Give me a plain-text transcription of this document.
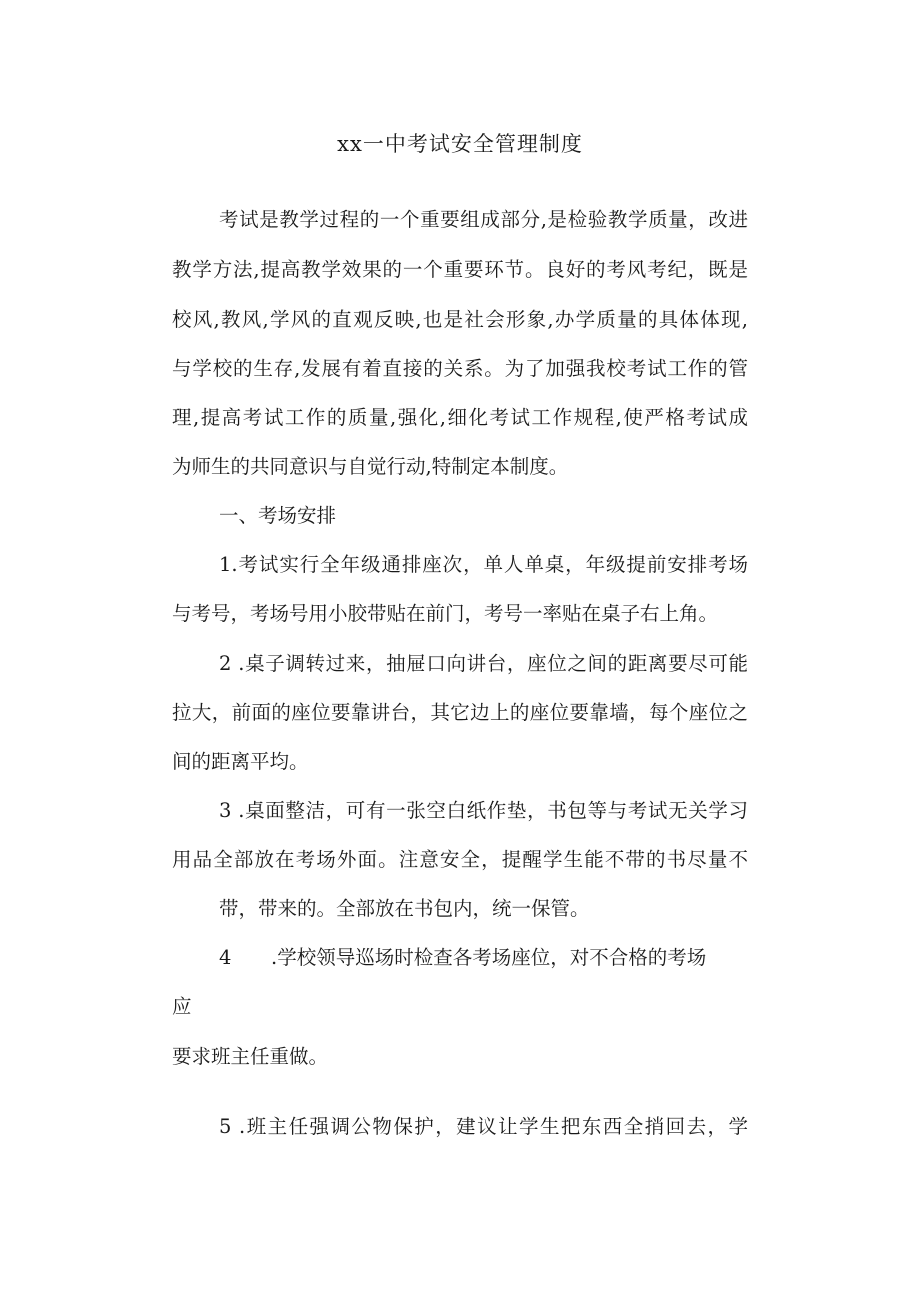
xx一中考试安全管理制度

考试是教学过程的一个重要组成部分,是检验教学质量，改进

教学方法,提高教学效果的一个重要环节。良好的考风考纪，既是

校风,教风,学风的直观反映,也是社会形象,办学质量的具体体现,

与学校的生存,发展有着直接的关系。为了加强我校考试工作的管

理,提高考试工作的质量,强化,细化考试工作规程,使严格考试成

为师生的共同意识与自觉行动,特制定本制度。

一、考场安排

1.考试实行全年级通排座次，单人单桌，年级提前安排考场

与考号，考场号用小胶带贴在前门，考号一率贴在桌子右上角。

2 .桌子调转过来，抽屉口向讲台，座位之间的距离要尽可能

拉大，前面的座位要靠讲台，其它边上的座位要靠墙，每个座位之

间的距离平均。

3 .桌面整洁，可有一张空白纸作垫，书包等与考试无关学习

用品全部放在考场外面。注意安全，提醒学生能不带的书尽量不

带，带来的。全部放在书包内，统一保管。

4 .学校领导巡场时检查各考场座位，对不合格的考场

应

要求班主任重做。

5 .班主任强调公物保护，建议让学生把东西全捎回去，学
